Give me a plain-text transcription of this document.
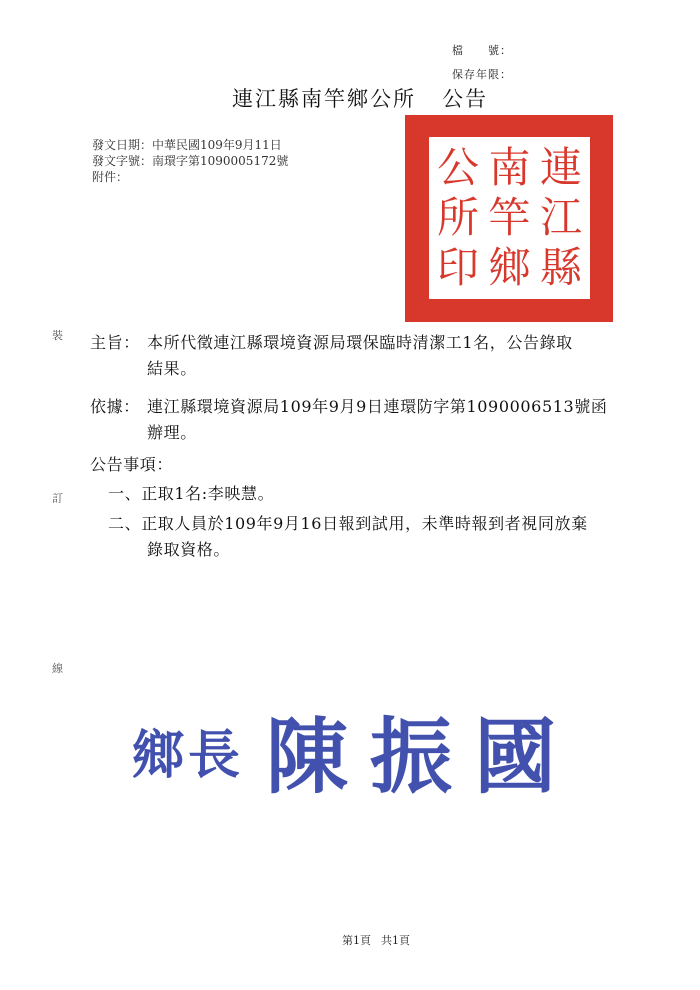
檔　　號：
保存年限：
連江縣南竿鄉公所 公告
發文日期：中華民國109年9月11日
發文字號：南環字第1090005172號
附件：	連
江
縣
南
竿
鄉
公
所
印
裝
訂
線
主旨： 本所代徵連江縣環境資源局環保臨時清潔工1名，公告錄取
結果。
依據： 連江縣環境資源局109年9月9日連環防字第1090006513號函
辦理。
公告事項：
一、正取1名:李映慧。
二、正取人員於109年9月16日報到試用，未準時報到者視同放棄
錄取資格。
鄉 長 陳 振 國
第1頁 共1頁
